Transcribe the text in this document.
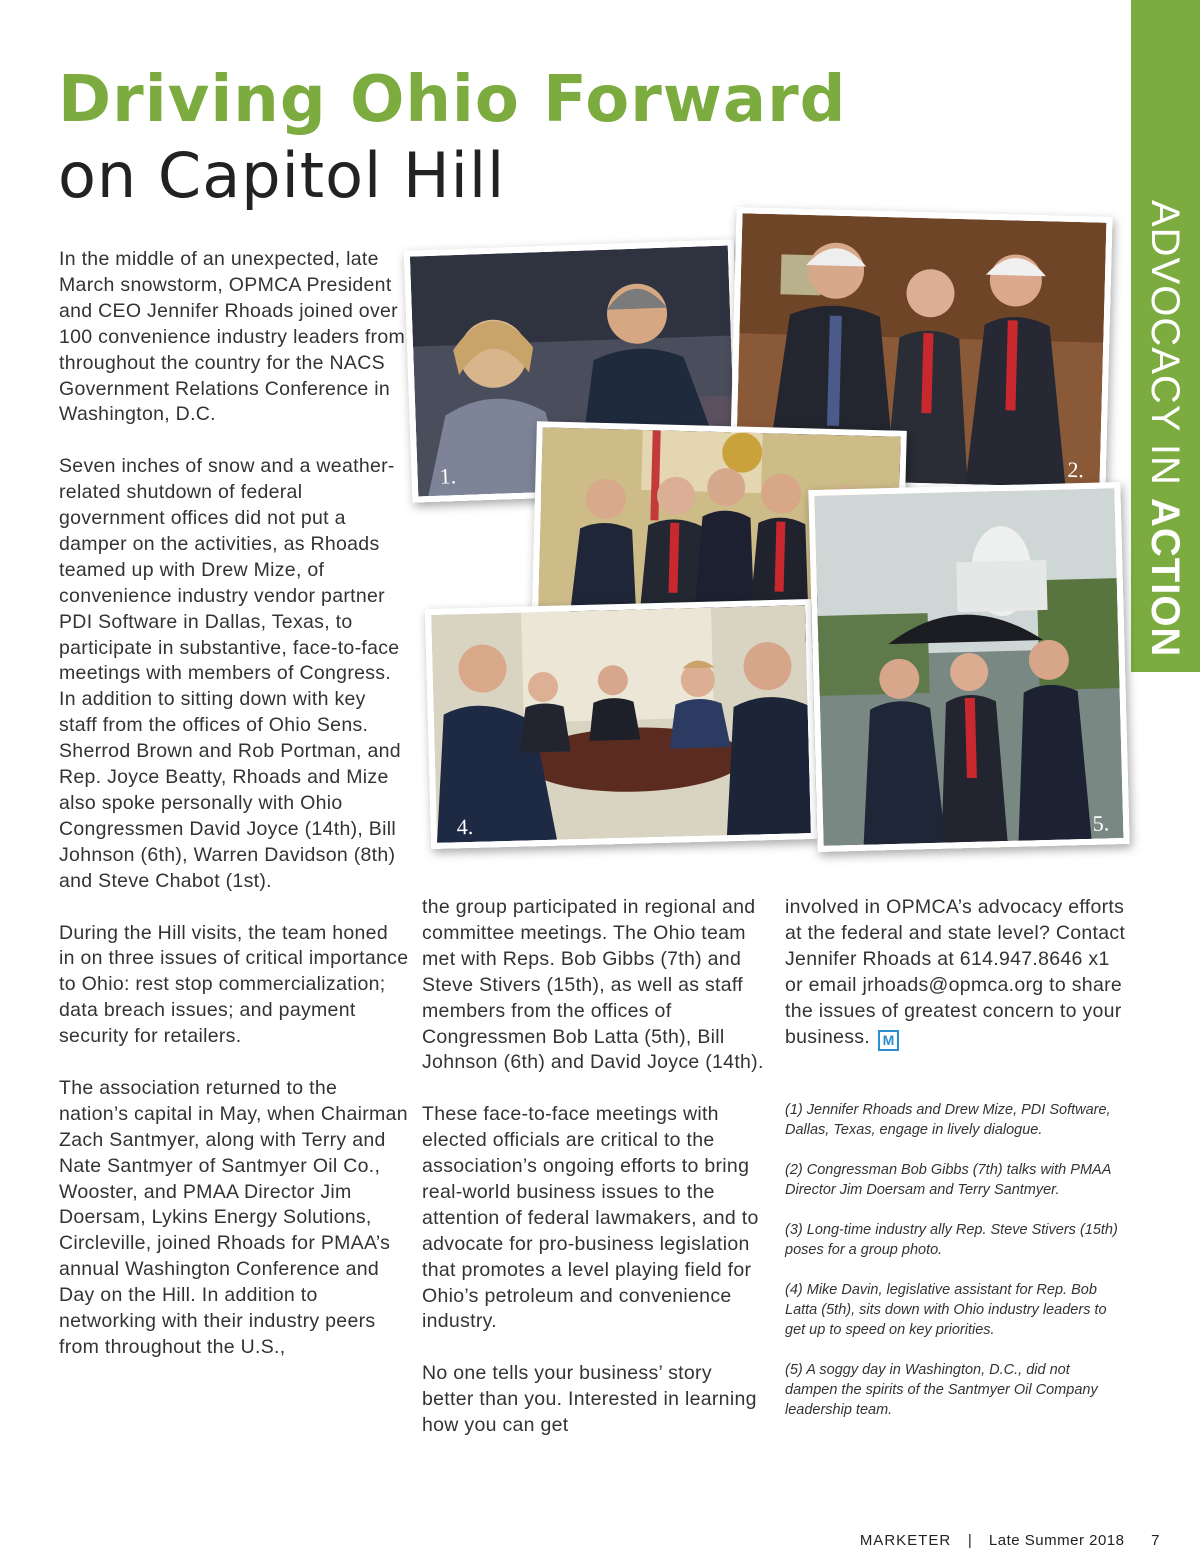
Driving Ohio Forward
on Capitol Hill
ADVOCACY IN ACTION

In the middle of an unexpected, late March snowstorm, OPMCA President and CEO Jennifer Rhoads joined over 100 convenience industry leaders from throughout the country for the NACS Government Relations Conference in Washington, D.C.

Seven inches of snow and a weather-related shutdown of federal government offices did not put a damper on the activities, as Rhoads teamed up with Drew Mize, of convenience industry vendor partner PDI Software in Dallas, Texas, to participate in substantive, face-to-face meetings with members of Congress. In addition to sitting down with key staff from the offices of Ohio Sens. Sherrod Brown and Rob Portman, and Rep. Joyce Beatty, Rhoads and Mize also spoke personally with Ohio Congressmen David Joyce (14th), Bill Johnson (6th), Warren Davidson (8th) and Steve Chabot (1st).

During the Hill visits, the team honed in on three issues of critical importance to Ohio: rest stop commercialization; data breach issues; and payment security for retailers.

The association returned to the nation’s capital in May, when Chairman Zach Santmyer, along with Terry and Nate Santmyer of Santmyer Oil Co., Wooster, and PMAA Director Jim Doersam, Lykins Energy Solutions, Circleville, joined Rhoads for PMAA’s annual Washington Conference and Day on the Hill. In addition to networking with their industry peers from throughout the U.S.,

1.	2.
4.	5.

the group participated in regional and committee meetings. The Ohio team met with Reps. Bob Gibbs (7th) and Steve Stivers (15th), as well as staff members from the offices of Congressmen Bob Latta (5th), Bill Johnson (6th) and David Joyce (14th).

These face-to-face meetings with elected officials are critical to the association’s ongoing efforts to bring real-world business issues to the attention of federal lawmakers, and to advocate for pro-business legislation that promotes a level playing field for Ohio’s petroleum and convenience industry.

No one tells your business’ story better than you. Interested in learning how you can get

involved in OPMCA’s advocacy efforts at the federal and state level? Contact Jennifer Rhoads at 614.947.8646 x1 or email jrhoads@opmca.org to share the issues of greatest concern to your business. M

(1) Jennifer Rhoads and Drew Mize, PDI Software, Dallas, Texas, engage in lively dialogue.

(2) Congressman Bob Gibbs (7th) talks with PMAA Director Jim Doersam and Terry Santmyer.

(3) Long-time industry ally Rep. Steve Stivers (15th) poses for a group photo.

(4) Mike Davin, legislative assistant for Rep. Bob Latta (5th), sits down with Ohio industry leaders to get up to speed on key priorities.

(5) A soggy day in Washington, D.C., did not dampen the spirits of the Santmyer Oil Company leadership team.

MARKETER | Late Summer 2018 7
